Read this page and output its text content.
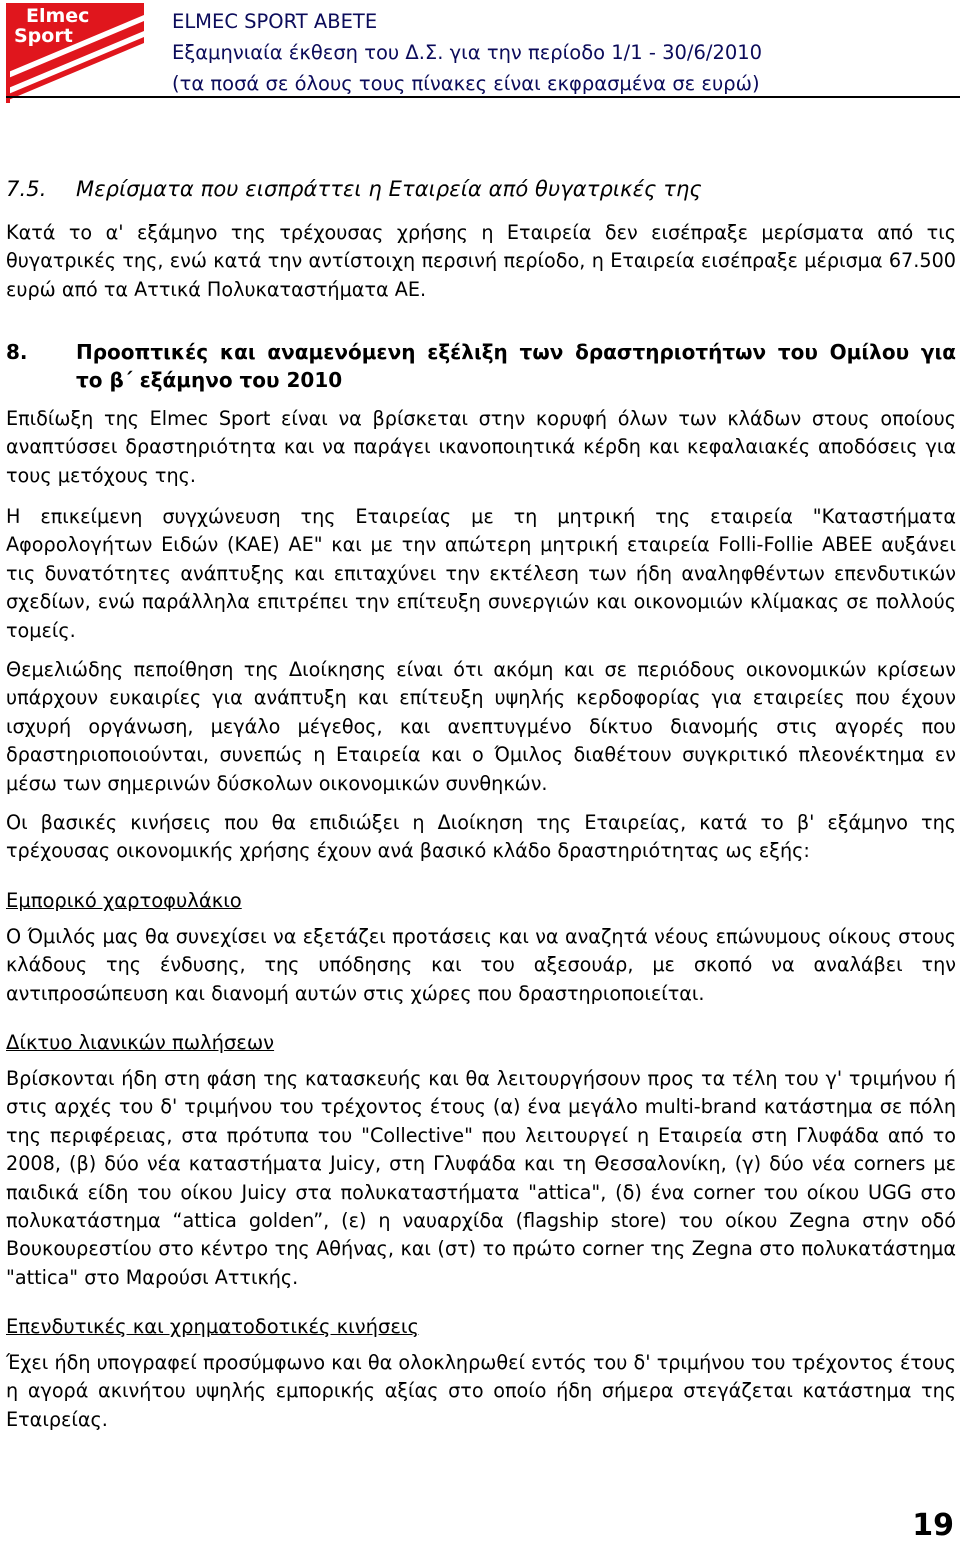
Elmec
Sport
ELMEC SPORT ABETE
Εξαμηνιαία έκθεση του Δ.Σ. για την περίοδο 1/1 - 30/6/2010
(τα ποσά σε όλους τους πίνακες είναι εκφρασμένα σε ευρώ)
7.5. Μερίσματα που εισπράττει η Εταιρεία από θυγατρικές της
Κατά το α' εξάμηνο της τρέχουσας χρήσης η Εταιρεία δεν εισέπραξε μερίσματα από τις θυγατρικές της, ενώ κατά την αντίστοιχη περσινή περίοδο, η Εταιρεία εισέπραξε μέρισμα 67.500 ευρώ από τα Αττικά Πολυκαταστήματα ΑΕ.
8. Προοπτικές και αναμενόμενη εξέλιξη των δραστηριοτήτων του Ομίλου για
το β΄ εξάμηνο του 2010
Επιδίωξη της Elmec Sport είναι να βρίσκεται στην κορυφή όλων των κλάδων στους οποίους αναπτύσσει δραστηριότητα και να παράγει ικανοποιητικά κέρδη και κεφαλαιακές αποδόσεις για τους μετόχους της.
Η επικείμενη συγχώνευση της Εταιρείας με τη μητρική της εταιρεία "Καταστήματα Αφορολογήτων Ειδών (ΚΑΕ) ΑΕ" και με την απώτερη μητρική εταιρεία Folli-Follie ΑΒΕΕ αυξάνει τις δυνατότητες ανάπτυξης και επιταχύνει την εκτέλεση των ήδη αναληφθέντων επενδυτικών σχεδίων, ενώ παράλληλα επιτρέπει την επίτευξη συνεργιών και οικονομιών κλίμακας σε πολλούς τομείς.
Θεμελιώδης πεποίθηση της Διοίκησης είναι ότι ακόμη και σε περιόδους οικονομικών κρίσεων υπάρχουν ευκαιρίες για ανάπτυξη και επίτευξη υψηλής κερδοφορίας για εταιρείες που έχουν ισχυρή οργάνωση, μεγάλο μέγεθος, και ανεπτυγμένο δίκτυο διανομής στις αγορές που δραστηριοποιούνται, συνεπώς η Εταιρεία και ο Όμιλος διαθέτουν συγκριτικό πλεονέκτημα εν μέσω των σημερινών δύσκολων οικονομικών συνθηκών.
Οι βασικές κινήσεις που θα επιδιώξει η Διοίκηση της Εταιρείας, κατά το β' εξάμηνο της τρέχουσας οικονομικής χρήσης έχουν ανά βασικό κλάδο δραστηριότητας ως εξής:
Εμπορικό χαρτοφυλάκιο
Ο Όμιλός μας θα συνεχίσει να εξετάζει προτάσεις και να αναζητά νέους επώνυμους οίκους στους κλάδους της ένδυσης, της υπόδησης και του αξεσουάρ, με σκοπό να αναλάβει την αντιπροσώπευση και διανομή αυτών στις χώρες που δραστηριοποιείται.
Δίκτυο λιανικών πωλήσεων
Βρίσκονται ήδη στη φάση της κατασκευής και θα λειτουργήσουν προς τα τέλη του γ' τριμήνου ή στις αρχές του δ' τριμήνου του τρέχοντος έτους (α) ένα μεγάλο multi-brand κατάστημα σε πόλη της περιφέρειας, στα πρότυπα του "Collective" που λειτουργεί η Εταιρεία στη Γλυφάδα από το 2008, (β) δύο νέα καταστήματα Juicy, στη Γλυφάδα και τη Θεσσαλονίκη, (γ) δύο νέα corners με παιδικά είδη του οίκου Juicy στα πολυκαταστήματα "attica", (δ) ένα corner του οίκου UGG στο πολυκατάστημα “attica golden”, (ε) η ναυαρχίδα (flagship store) του οίκου Zegna στην οδό Βουκουρεστίου στο κέντρο της Αθήνας, και (στ) το πρώτο corner της Zegna στο πολυκατάστημα "attica" στο Μαρούσι Αττικής.
Επενδυτικές και χρηματοδοτικές κινήσεις
Έχει ήδη υπογραφεί προσύμφωνο και θα ολοκληρωθεί εντός του δ' τριμήνου του τρέχοντος έτους η αγορά ακινήτου υψηλής εμπορικής αξίας στο οποίο ήδη σήμερα στεγάζεται κατάστημα της Εταιρείας.
19
